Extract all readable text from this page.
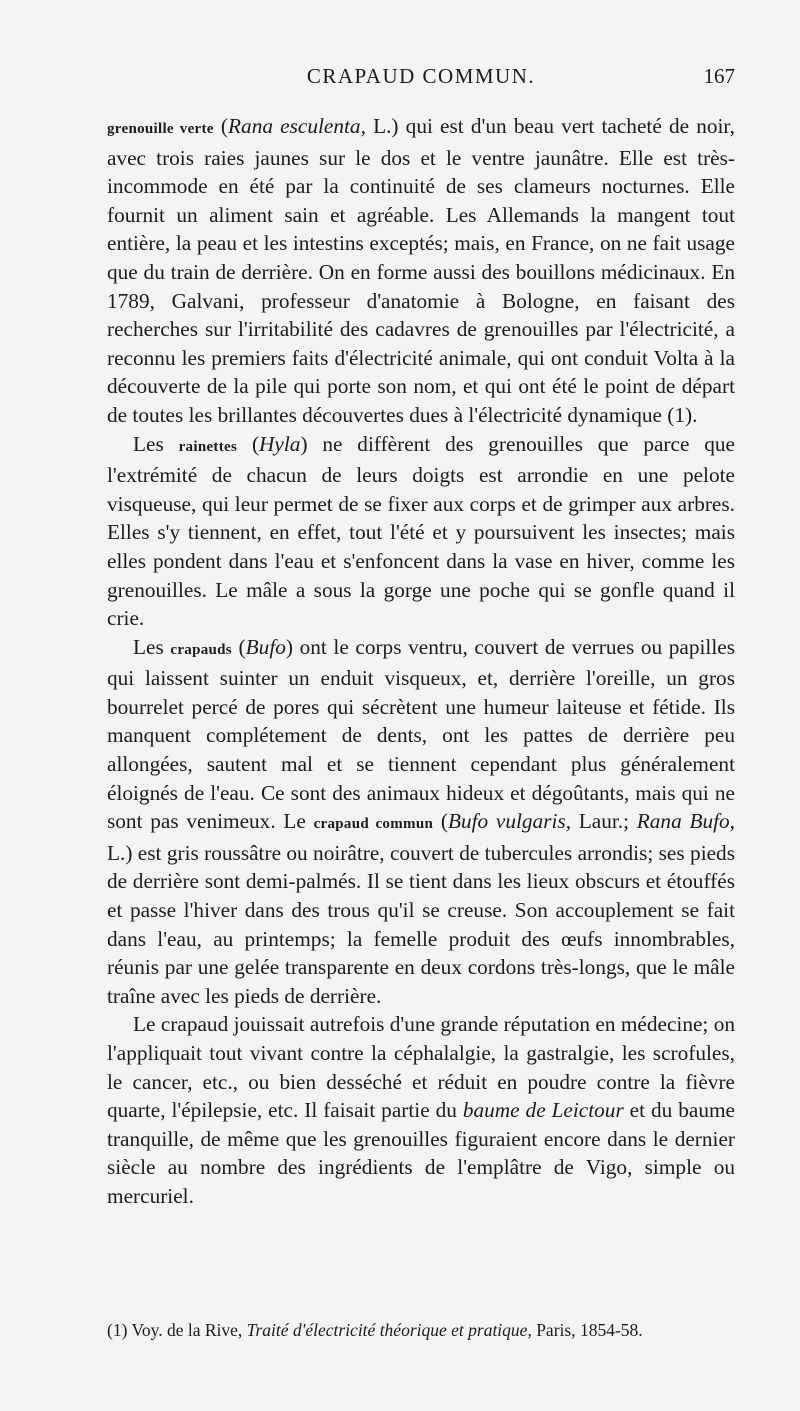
CRAPAUD COMMUN.	167

grenouille verte (Rana esculenta, L.) qui est d'un beau vert tacheté de noir, avec trois raies jaunes sur le dos et le ventre jaunâtre. Elle est très-incommode en été par la continuité de ses clameurs nocturnes. Elle fournit un aliment sain et agréable. Les Allemands la mangent tout entière, la peau et les intestins exceptés; mais, en France, on ne fait usage que du train de derrière. On en forme aussi des bouillons médicinaux. En 1789, Galvani, professeur d'anatomie à Bologne, en faisant des recherches sur l'irritabilité des cadavres de grenouilles par l'électricité, a reconnu les premiers faits d'électricité animale, qui ont conduit Volta à la découverte de la pile qui porte son nom, et qui ont été le point de départ de toutes les brillantes découvertes dues à l'électricité dynamique (1).

Les rainettes (Hyla) ne diffèrent des grenouilles que parce que l'extrémité de chacun de leurs doigts est arrondie en une pelote visqueuse, qui leur permet de se fixer aux corps et de grimper aux arbres. Elles s'y tiennent, en effet, tout l'été et y poursuivent les insectes; mais elles pondent dans l'eau et s'enfoncent dans la vase en hiver, comme les grenouilles. Le mâle a sous la gorge une poche qui se gonfle quand il crie.

Les crapauds (Bufo) ont le corps ventru, couvert de verrues ou papilles qui laissent suinter un enduit visqueux, et, derrière l'oreille, un gros bourrelet percé de pores qui sécrètent une humeur laiteuse et fétide. Ils manquent complétement de dents, ont les pattes de derrière peu allongées, sautent mal et se tiennent cependant plus généralement éloignés de l'eau. Ce sont des animaux hideux et dégoûtants, mais qui ne sont pas venimeux. Le crapaud commun (Bufo vulgaris, Laur.; Rana Bufo, L.) est gris roussâtre ou noirâtre, couvert de tubercules arrondis; ses pieds de derrière sont demi-palmés. Il se tient dans les lieux obscurs et étouffés et passe l'hiver dans des trous qu'il se creuse. Son accouplement se fait dans l'eau, au printemps; la femelle produit des œufs innombrables, réunis par une gelée transparente en deux cordons très-longs, que le mâle traîne avec les pieds de derrière.

Le crapaud jouissait autrefois d'une grande réputation en médecine; on l'appliquait tout vivant contre la céphalalgie, la gastralgie, les scrofules, le cancer, etc., ou bien desséché et réduit en poudre contre la fièvre quarte, l'épilepsie, etc. Il faisait partie du baume de Leictour et du baume tranquille, de même que les grenouilles figuraient encore dans le dernier siècle au nombre des ingrédients de l'emplâtre de Vigo, simple ou mercuriel.

(1) Voy. de la Rive, Traité d'électricité théorique et pratique, Paris, 1854-58.
